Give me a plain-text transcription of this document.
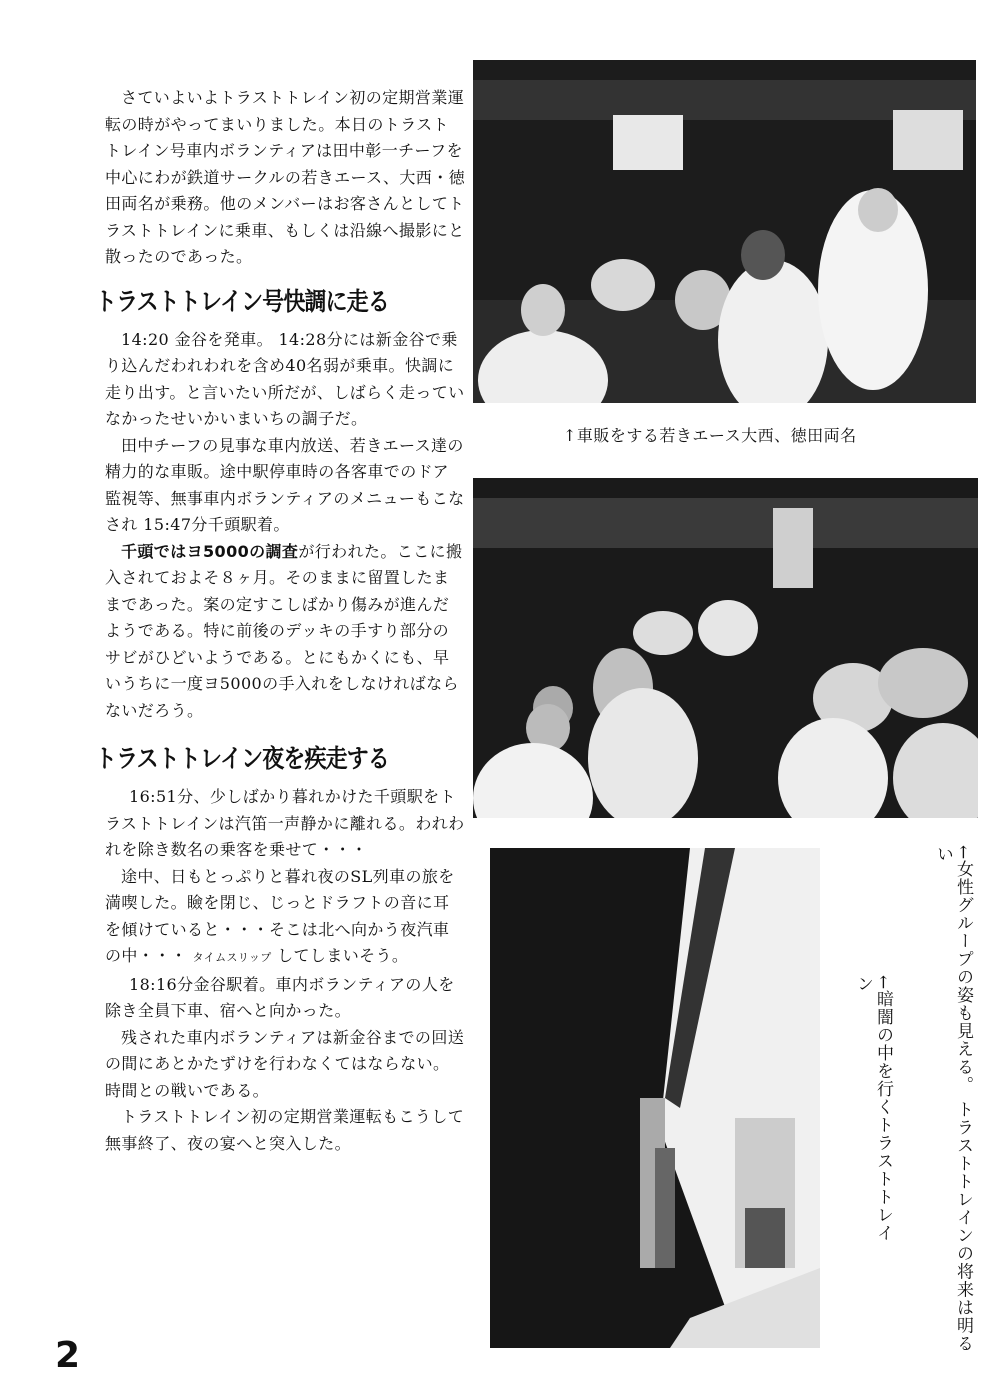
さていよいよトラストトレイン初の定期営業運転の時がやってまいりました。本日のトラストトレイン号車内ボランティアは田中彰一チーフを中心にわが鉄道サークルの若きエース、大西・徳田両名が乗務。他のメンバーはお客さんとしてトラストトレインに乗車、もしくは沿線へ撮影にと散ったのであった。

トラストトレイン号快調に走る

14:20 金谷を発車。 14:28分には新金谷で乗り込んだわれわれを含め40名弱が乗車。快調に走り出す。と言いたい所だが、しばらく走っていなかったせいかいまいちの調子だ。

田中チーフの見事な車内放送、若きエース達の精力的な車販。途中駅停車時の各客車でのドア監視等、無事車内ボランティアのメニューもこなされ 15:47分千頭駅着。

千頭ではヨ5000の調査が行われた。ここに搬入されておよそ８ヶ月。そのままに留置したままであった。案の定すこしばかり傷みが進んだようである。特に前後のデッキの手すり部分のサビがひどいようである。とにもかくにも、早いうちに一度ヨ5000の手入れをしなければならないだろう。

トラストトレイン夜を疾走する

16:51分、少しばかり暮れかけた千頭駅をトラストトレインは汽笛一声静かに離れる。われわれを除き数名の乗客を乗せて・・・

途中、日もとっぷりと暮れ夜のSL列車の旅を満喫した。瞼を閉じ、じっとドラフトの音に耳を傾けていると・・・そこは北へ向かう夜汽車の中・・・ タイムスリップ してしまいそう。

18:16分金谷駅着。車内ボランティアの人を除き全員下車、宿へと向かった。

残された車内ボランティアは新金谷までの回送の間にあとかたずけを行わなくてはならない。時間との戦いである。

トラストトレイン初の定期営業運転もこうして無事終了、夜の宴へと突入した。

↑車販をする若きエース大西、徳田両名
←女性グループの姿も見える。 トラストトレインの将来は明るい
←暗闇の中を行くトラストトレイン
2
